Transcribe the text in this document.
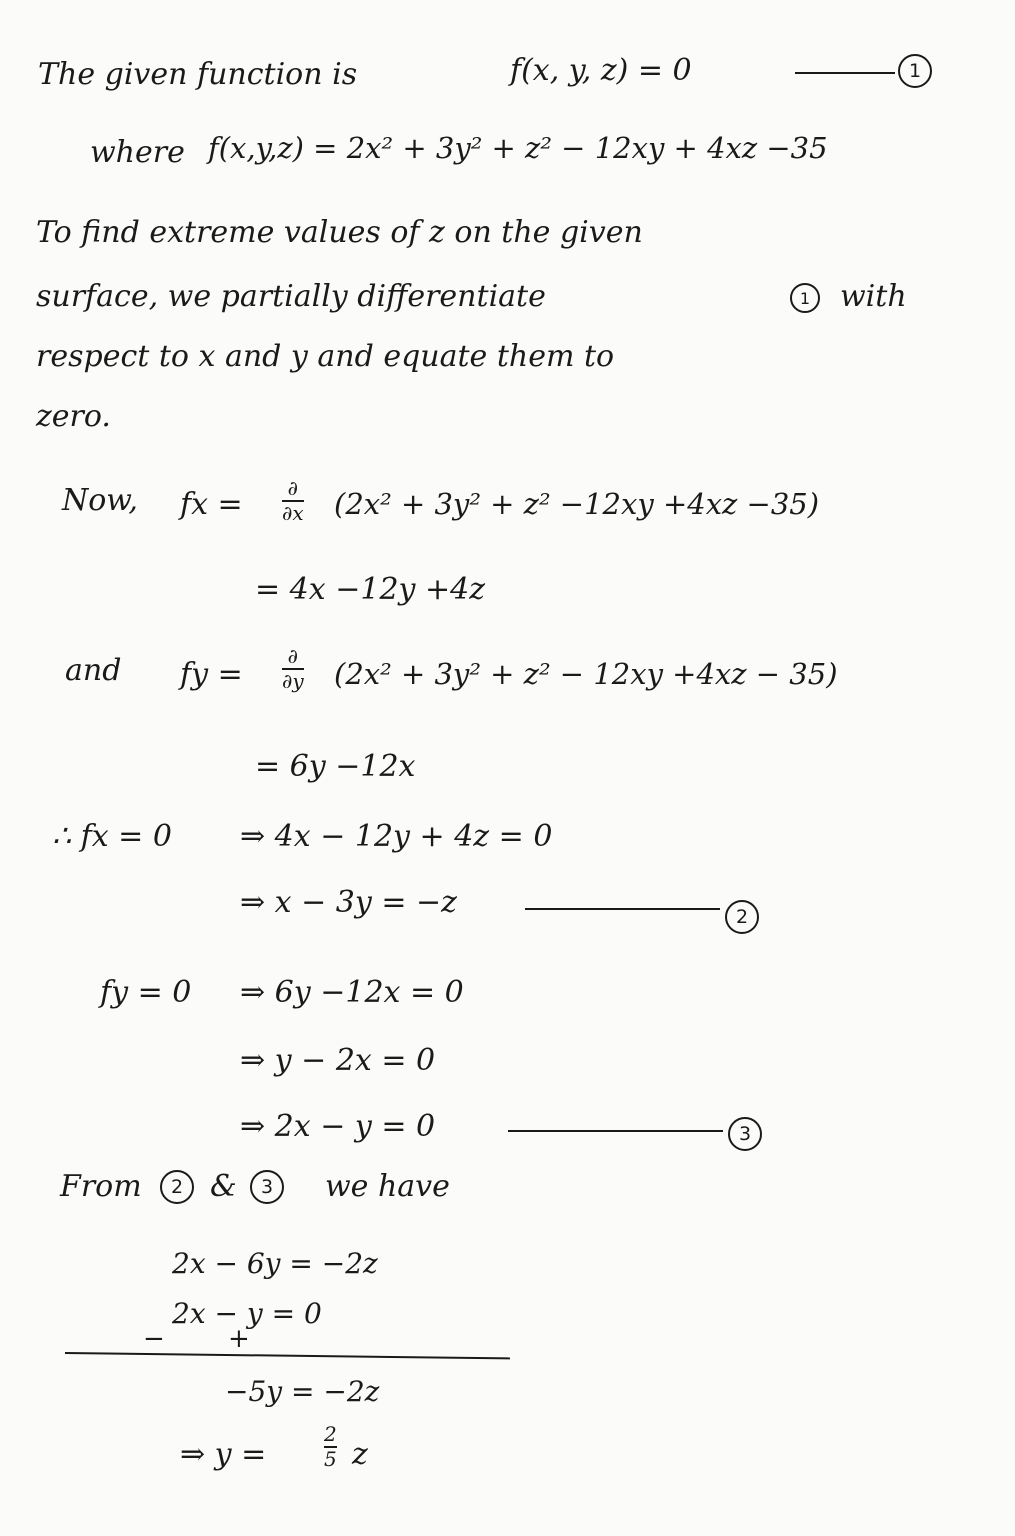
The given function is	f(x, y, z) = 0	1
where f(x,y,z) = 2x² + 3y² + z² − 12xy + 4xz −35
To find extreme values of z on the given
surface, we partially differentiate	1 with
respect to x and y and equate them to
zero.
Now, fx = ∂
∂x (2x² + 3y² + z² −12xy +4xz −35)
= 4x −12y +4z
and fy =
∂
∂y (2x² + 3y² + z² − 12xy +4xz − 35)
= 6y −12x
∴ fx = 0 ⇒ 4x − 12y + 4z = 0
⇒ x − 3y = −z	2
fy = 0 ⇒ 6y −12x = 0
⇒ y − 2x = 0
⇒ 2x − y = 0	3
From	2 &	3	we have
2x − 6y = −2z
2x − y = 0
− +
−5y = −2z
⇒ y =
2
5 z
